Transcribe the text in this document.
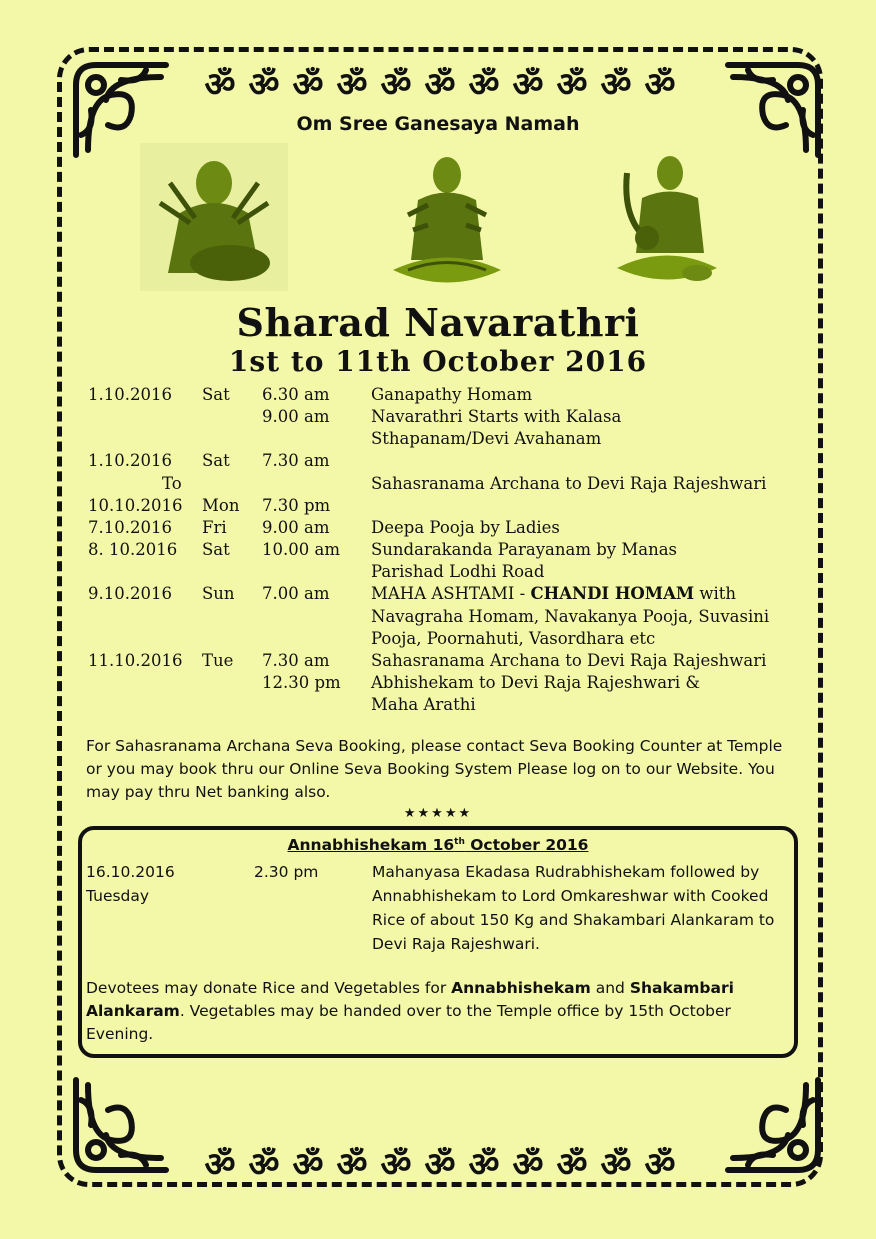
ॐ ॐ ॐ ॐ ॐ ॐ ॐ ॐ ॐ ॐ ॐ
Om Sree Ganesaya Namah
Sharad Navarathri
1st to 11th October 2016
1.10.2016 Sat 6.30 am	Ganapathy Homam
9.00 am	Navarathri Starts with Kalasa
Sthapanam/Devi Avahanam
1.10.2016 Sat 7.30 am
To	Sahasranama Archana to Devi Raja Rajeshwari
10.10.2016 Mon 7.30 pm
7.10.2016 Fri 9.00 am	Deepa Pooja by Ladies
8. 10.2016 Sat 10.00 am Sundarakanda Parayanam by Manas
Parishad Lodhi Road
9.10.2016 Sun 7.00 am	MAHA ASHTAMI - CHANDI HOMAM with
Navagraha Homam, Navakanya Pooja, Suvasini
Pooja, Poornahuti, Vasordhara etc
11.10.2016 Tue 7.30 am	Sahasranama Archana to Devi Raja Rajeshwari
12.30 pm Abhishekam to Devi Raja Rajeshwari &
Maha Arathi
For Sahasranama Archana Seva Booking, please contact Seva Booking Counter at Temple or you may book thru our Online Seva Booking System Please log on to our Website. You may pay thru Net banking also.
★★★★★
Annabhishekam 16th October 2016
16.10.2016
Tuesday
2.30 pm	Mahanyasa Ekadasa Rudrabhishekam followed by Annabhishekam to Lord Omkareshwar with Cooked Rice of about 150 Kg and Shakambari Alankaram to Devi Raja Rajeshwari.
Devotees may donate Rice and Vegetables for Annabhishekam and Shakambari Alankaram. Vegetables may be handed over to the Temple office by 15th October Evening.
ॐ ॐ ॐ ॐ ॐ ॐ ॐ ॐ ॐ ॐ ॐ
